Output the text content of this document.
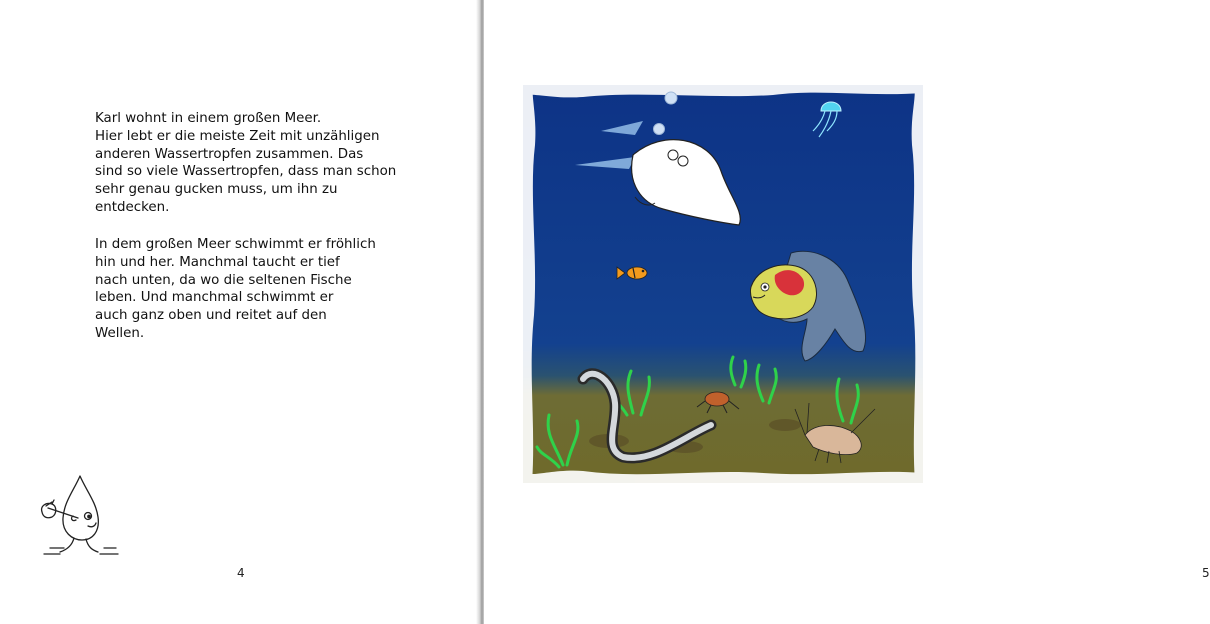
Karl wohnt in einem großen Meer.
Hier lebt er die meiste Zeit mit unzähligen
anderen Wassertropfen zusammen. Das
sind so viele Wassertropfen, dass man schon
sehr genau gucken muss, um ihn zu
entdecken.

In dem großen Meer schwimmt er fröhlich
hin und her. Manchmal taucht er tief
nach unten, da wo die seltenen Fische
leben. Und manchmal schwimmt er
auch ganz oben und reitet auf den
Wellen.

4	5
